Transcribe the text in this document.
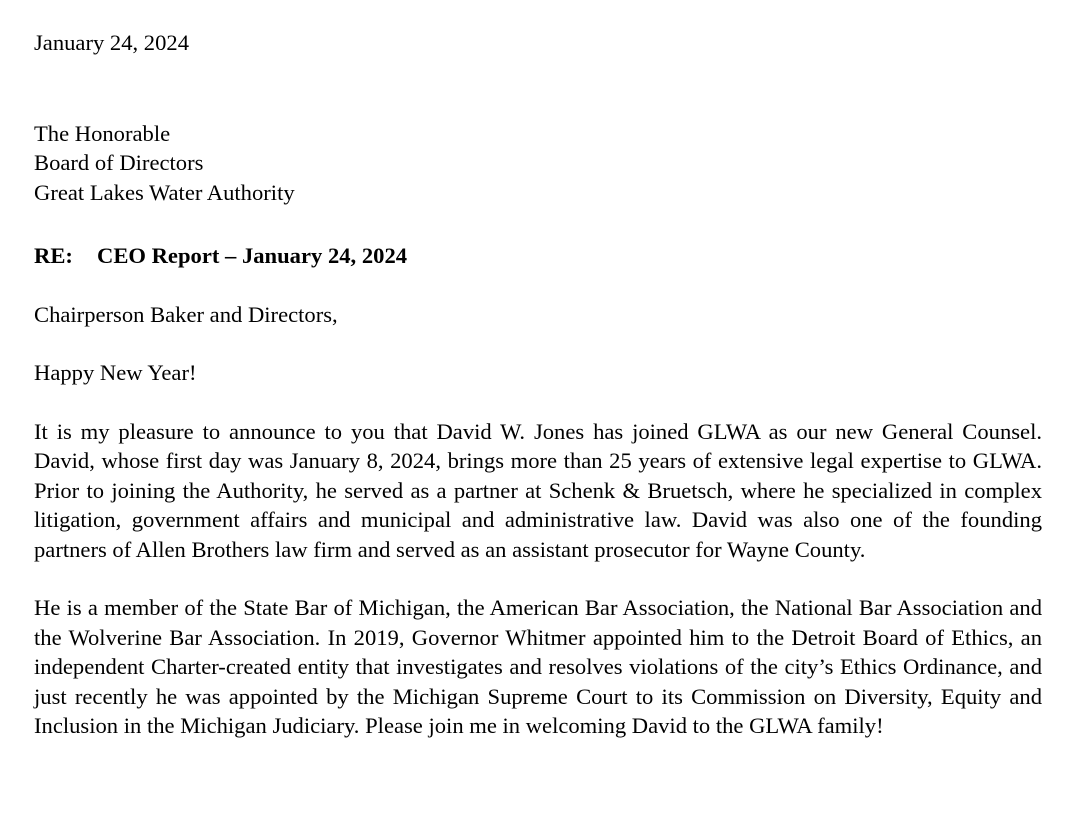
January 24, 2024

The Honorable
Board of Directors
Great Lakes Water Authority

RE: CEO Report – January 24, 2024

Chairperson Baker and Directors,

Happy New Year!

It is my pleasure to announce to you that David W. Jones has joined GLWA as our new General Counsel. David, whose first day was January 8, 2024, brings more than 25 years of extensive legal expertise to GLWA. Prior to joining the Authority, he served as a partner at Schenk & Bruetsch, where he specialized in complex litigation, government affairs and municipal and administrative law. David was also one of the founding partners of Allen Brothers law firm and served as an assistant prosecutor for Wayne County.

He is a member of the State Bar of Michigan, the American Bar Association, the National Bar Association and the Wolverine Bar Association. In 2019, Governor Whitmer appointed him to the Detroit Board of Ethics, an independent Charter-created entity that investigates and resolves violations of the city’s Ethics Ordinance, and just recently he was appointed by the Michigan Supreme Court to its Commission on Diversity, Equity and Inclusion in the Michigan Judiciary. Please join me in welcoming David to the GLWA family!
